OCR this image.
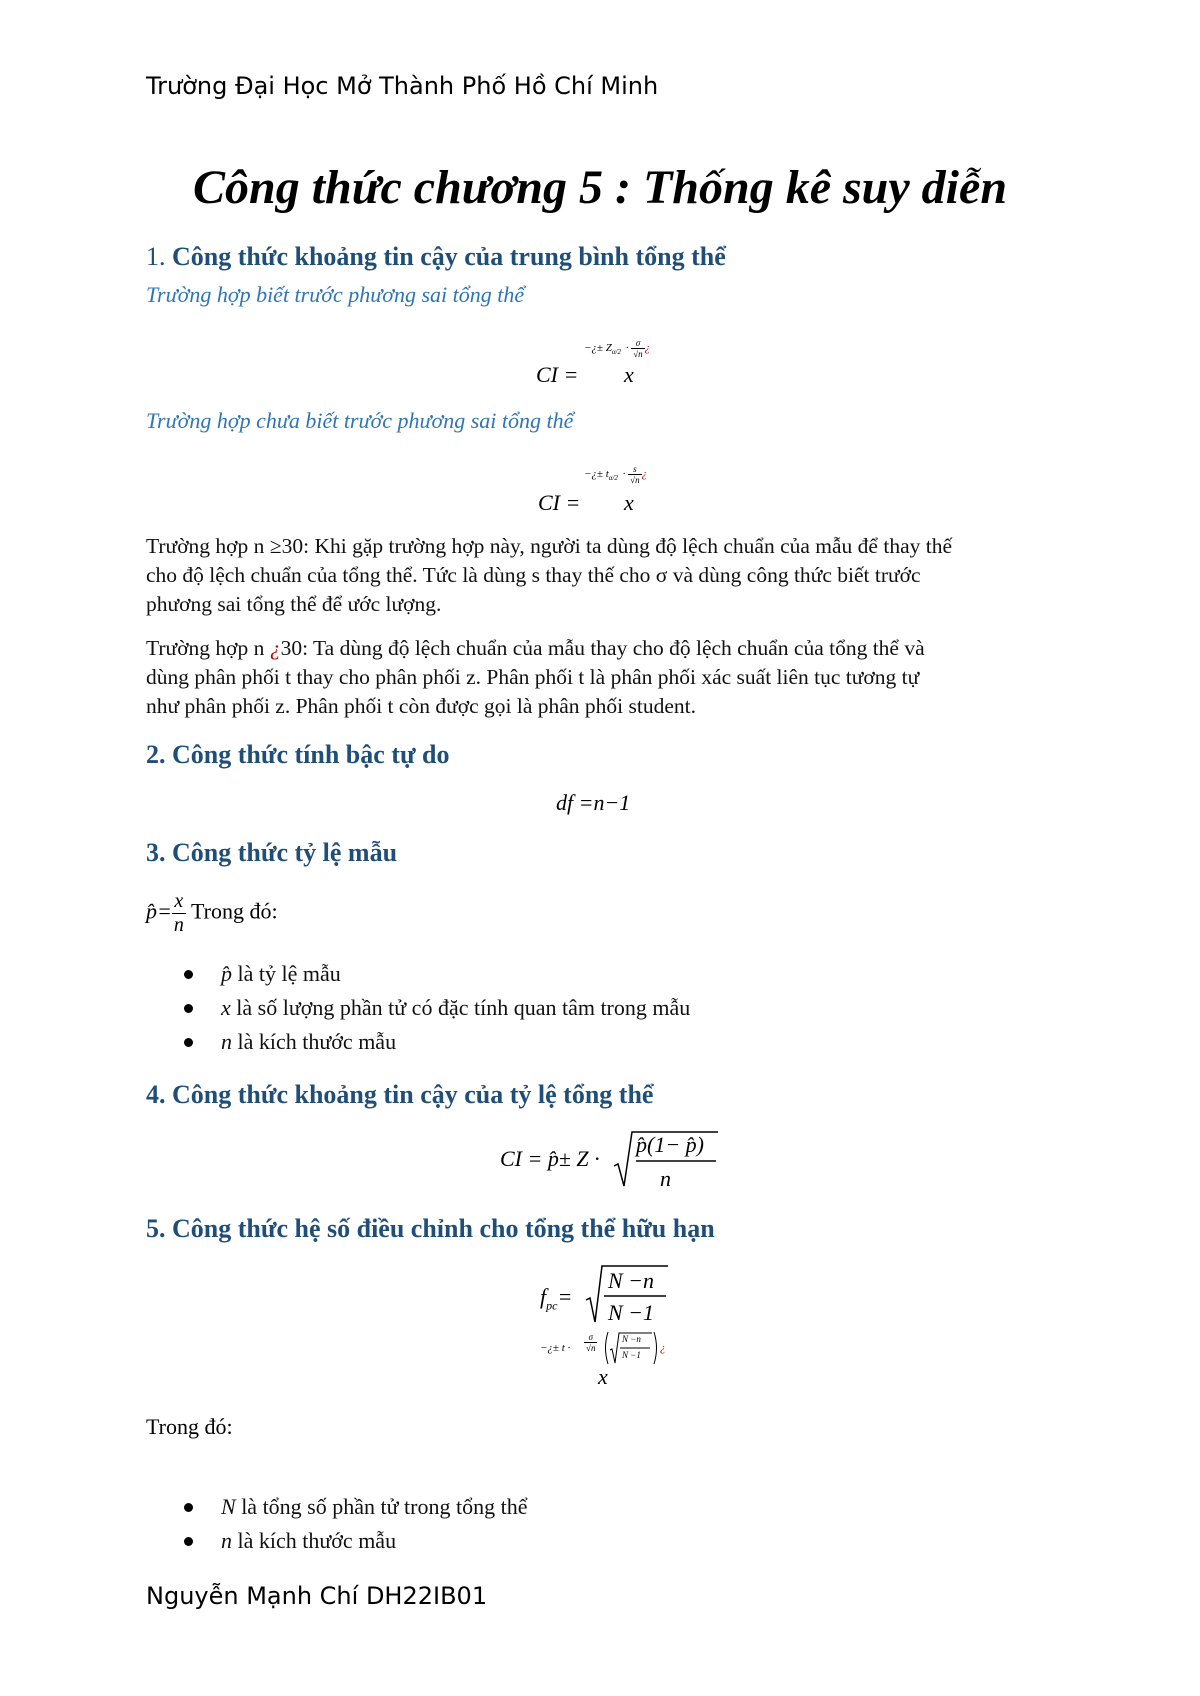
Trường Đại Học Mở Thành Phố Hồ Chí Minh
Công thức chương 5 : Thống kê suy diễn
1. Công thức khoảng tin cậy của trung bình tổng thể
Trường hợp biết trước phương sai tổng thể
−¿± $Z_{\alpha/2} \cdot \frac{\sigma}{√n}$ ¿
CI = x
Trường hợp chưa biết trước phương sai tổng thể
−¿± $t_{\alpha/2} \cdot \frac{s}{√n}$ ¿
CI = x
Trường hợp n ≥30: Khi gặp trường hợp này, người ta dùng độ lệch chuẩn của mẫu để thay thế
cho độ lệch chuẩn của tổng thể. Tức là dùng s thay thế cho σ và dùng công thức biết trước
phương sai tổng thể để ước lượng.
Trường hợp n ¿30: Ta dùng độ lệch chuẩn của mẫu thay cho độ lệch chuẩn của tổng thể và
dùng phân phối t thay cho phân phối z. Phân phối t là phân phối xác suất liên tục tương tự
như phân phối z. Phân phối t còn được gọi là phân phối student.
2. Công thức tính bậc tự do
df =n−1
3. Công thức tỷ lệ mẫu
p̂= $\frac{x}{n}$ Trong đó:
p̂ là tỷ lệ mẫu
x là số lượng phần tử có đặc tính quan tâm trong mẫu
n là kích thước mẫu
4. Công thức khoảng tin cậy của tỷ lệ tổng thể
CI = p̂± Z ·
p̂(1− p̂)
n
5. Công thức hệ số điều chỉnh cho tổng thể hữu hạn
$f_{pc}=$
N −n
N −1
−¿± $t \cdot \frac{\sigma}{√n}$	N −n
N −1
¿
x
Trong đó:
N là tổng số phần tử trong tổng thể
n là kích thước mẫu
Nguyễn Mạnh Chí DH22IB01
